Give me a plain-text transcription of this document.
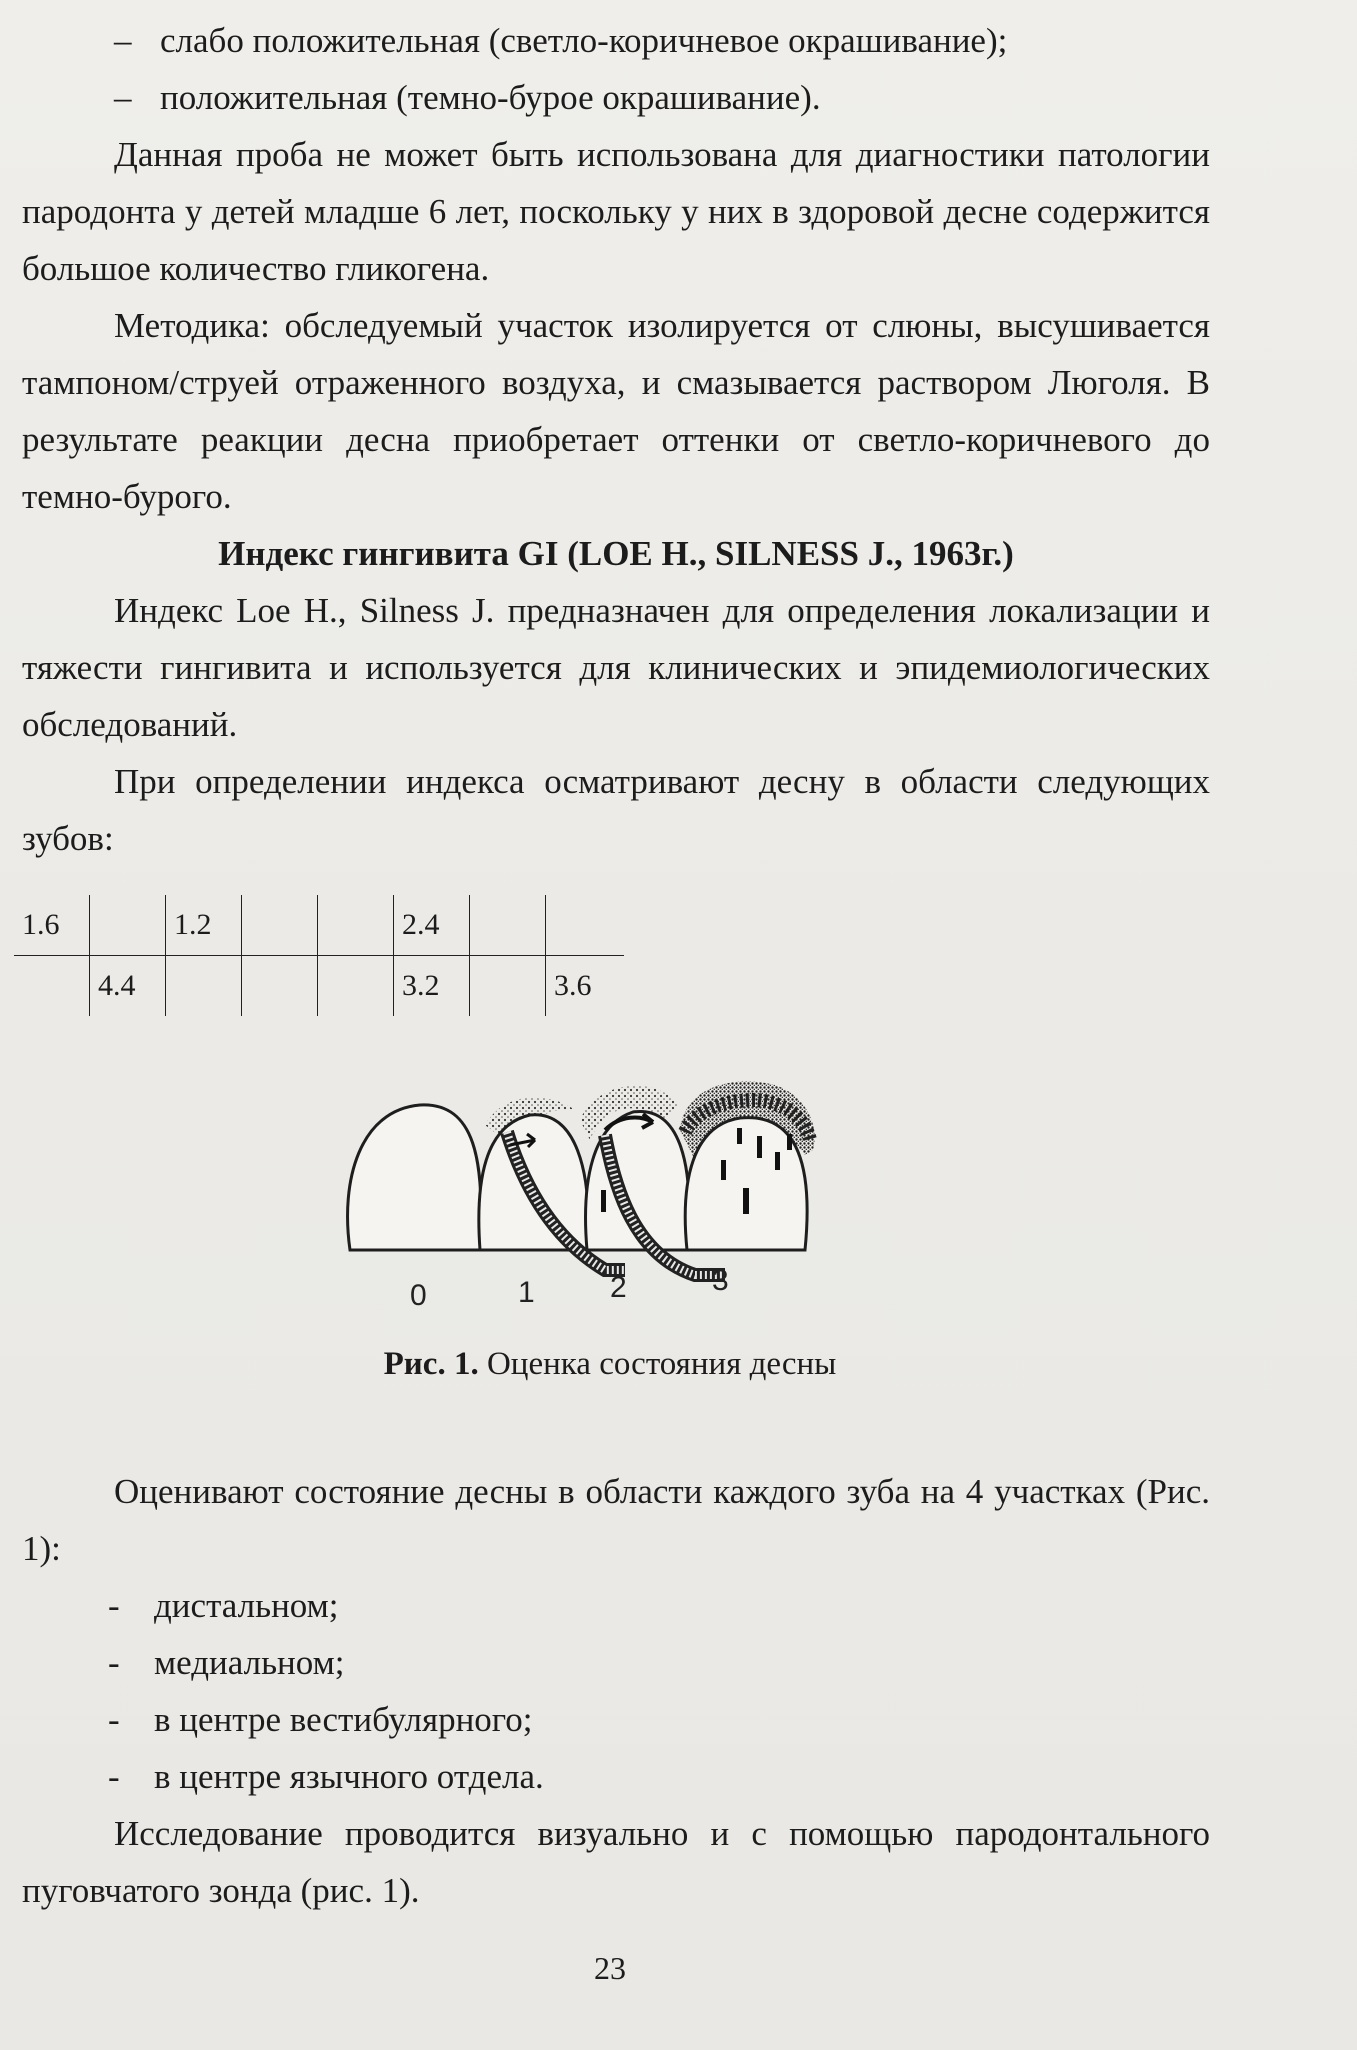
– слабо положительная (светло-коричневое окрашивание);

– положительная (темно-бурое окрашивание).

Данная проба не может быть использована для диагностики патологии пародонта у детей младше 6 лет, поскольку у них в здоровой десне содержится большое количество гликогена.

Методика: обследуемый участок изолируется от слюны, высушивается тампоном/струей отраженного воздуха, и смазывается раствором Люголя. В результате реакции десна приобретает оттенки от светло-коричневого до темно-бурого.

Индекс гингивита GI (LOE H., SILNESS J., 1963г.)

Индекс Loe H., Silness J. предназначен для определения локализации и тяжести гингивита и используется для клинических и эпидемиологических обследований.

При определении индекса осматривают десну в области следующих зубов:

1.6		1.2			2.4		
	4.4				3.2		3.6
0	1	2	3
Рис. 1. Оценка состояния десны

Оценивают состояние десны в области каждого зуба на 4 участках (Рис. 1):

- дистальном;

- медиальном;

- в центре вестибулярного;

- в центре язычного отдела.

Исследование проводится визуально и с помощью пародонтального пуговчатого зонда (рис. 1).

23
